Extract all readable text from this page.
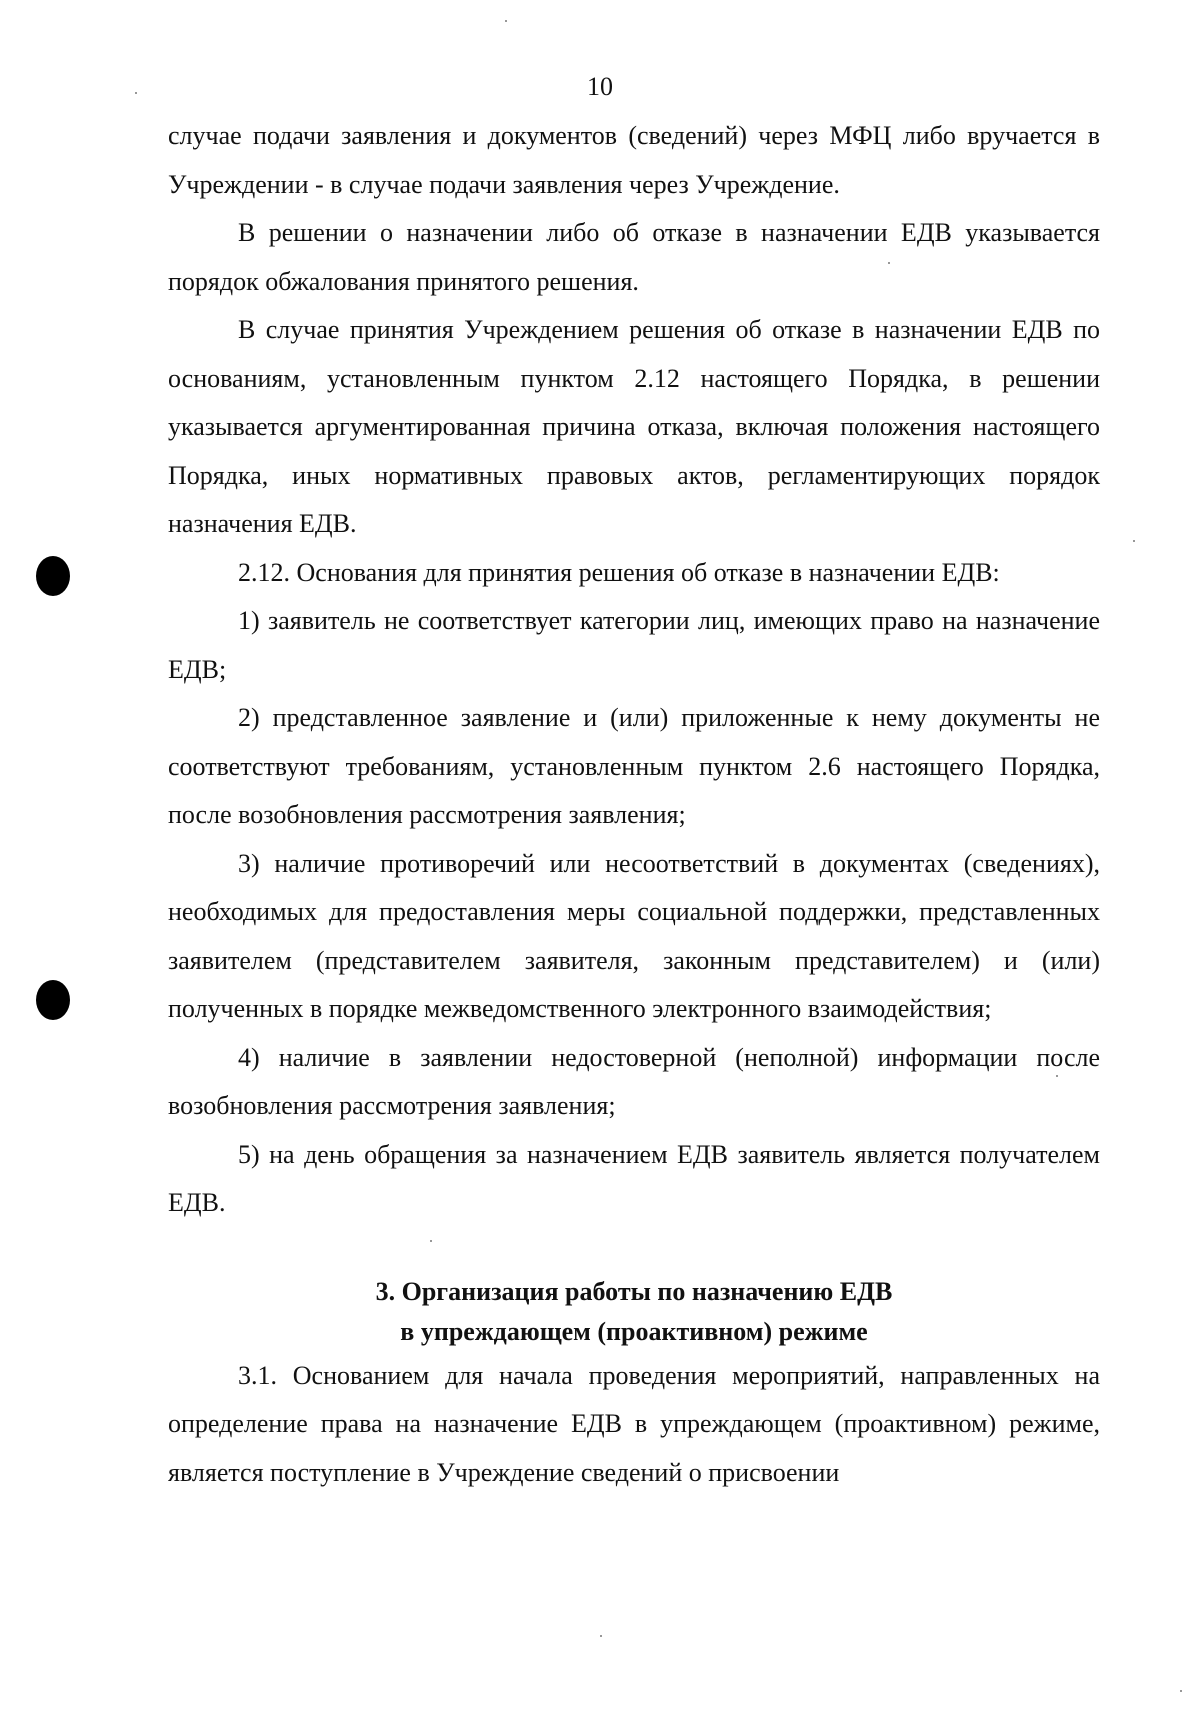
10

случае подачи заявления и документов (сведений) через МФЦ либо вручается в Учреждении - в случае подачи заявления через Учреждение.

В решении о назначении либо об отказе в назначении ЕДВ указывается порядок обжалования принятого решения.

В случае принятия Учреждением решения об отказе в назначении ЕДВ по основаниям, установленным пунктом 2.12 настоящего Порядка, в решении указывается аргументированная причина отказа, включая положения настоящего Порядка, иных нормативных правовых актов, регламентирующих порядок назначения ЕДВ.

2.12. Основания для принятия решения об отказе в назначении ЕДВ:

1) заявитель не соответствует категории лиц, имеющих право на назначение ЕДВ;

2) представленное заявление и (или) приложенные к нему документы не соответствуют требованиям, установленным пунктом 2.6 настоящего Порядка, после возобновления рассмотрения заявления;

3) наличие противоречий или несоответствий в документах (сведениях), необходимых для предоставления меры социальной поддержки, представленных заявителем (представителем заявителя, законным представителем) и (или) полученных в порядке межведомственного электронного взаимодействия;

4) наличие в заявлении недостоверной (неполной) информации после возобновления рассмотрения заявления;

5) на день обращения за назначением ЕДВ заявитель является получателем ЕДВ.

3. Организация работы по назначению ЕДВ
в упреждающем (проактивном) режиме

3.1. Основанием для начала проведения мероприятий, направленных на определение права на назначение ЕДВ в упреждающем (проактивном) режиме, является поступление в Учреждение сведений о присвоении
